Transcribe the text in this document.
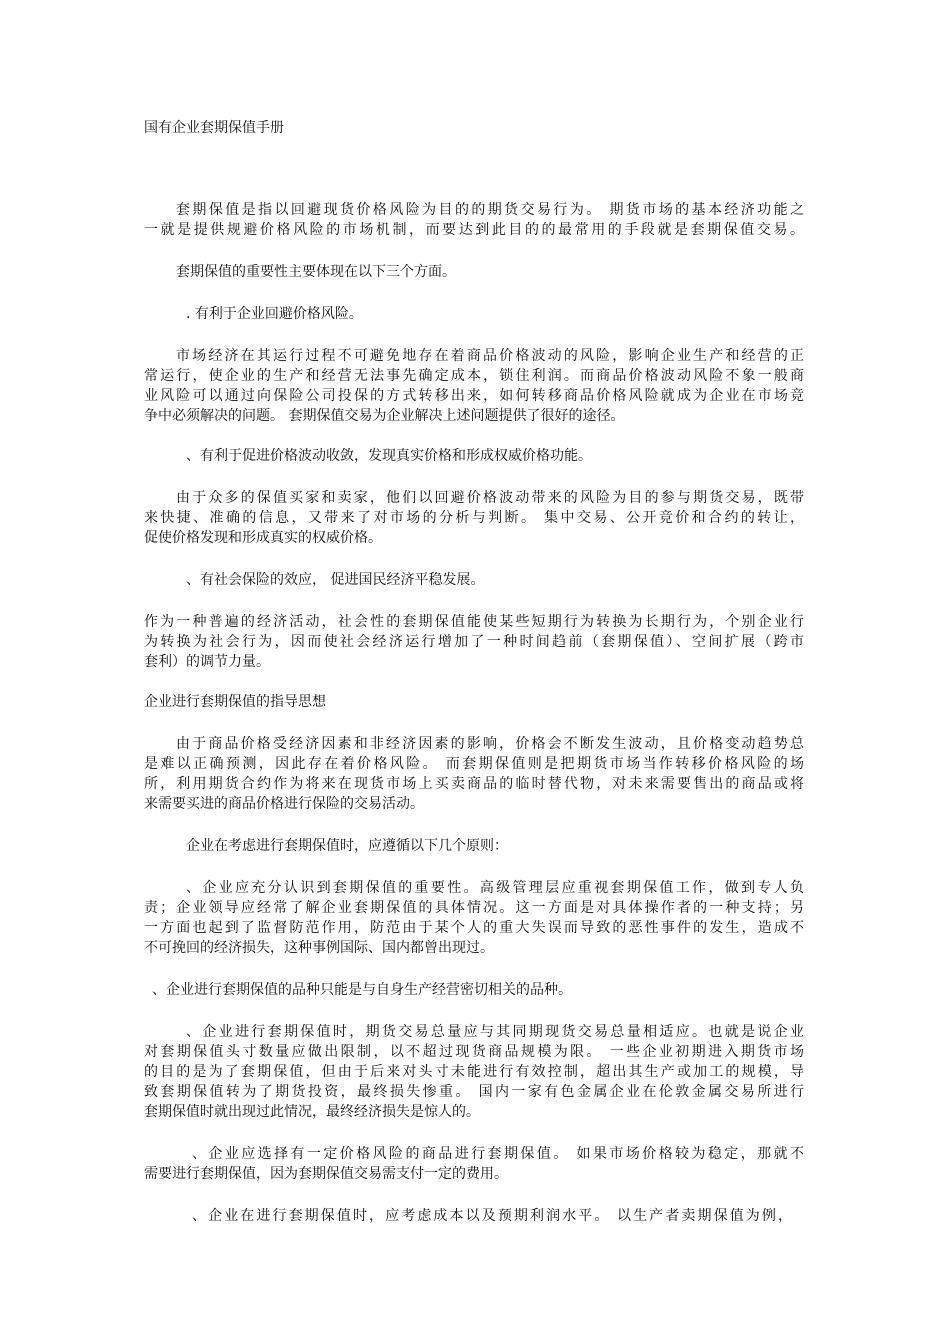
国有企业套期保值手册
套期保值是指以回避现货价格风险为目的的期货交易行为。 期货市场的基本经济功能之
一就是提供规避价格风险的市场机制，而要达到此目的的最常用的手段就是套期保值交易。
套期保值的重要性主要体现在以下三个方面。
. 有利于企业回避价格风险。
市场经济在其运行过程不可避免地存在着商品价格波动的风险，影响企业生产和经营的正
常运行，使企业的生产和经营无法事先确定成本，锁住利润。而商品价格波动风险不象一般商
业风险可以通过向保险公司投保的方式转移出来，如何转移商品价格风险就成为企业在市场竞
争中必须解决的问题。 套期保值交易为企业解决上述问题提供了很好的途径。
、有利于促进价格波动收敛，发现真实价格和形成权威价格功能。
由于众多的保值买家和卖家，他们以回避价格波动带来的风险为目的参与期货交易，既带
来快捷、准确的信息，又带来了对市场的分析与判断。 集中交易、公开竞价和合约的转让，
促使价格发现和形成真实的权威价格。
、有社会保险的效应， 促进国民经济平稳发展。
作为一种普遍的经济活动，社会性的套期保值能使某些短期行为转换为长期行为，个别企业行
为转换为社会行为，因而使社会经济运行增加了一种时间趋前（套期保值）、空间扩展（跨市
套利）的调节力量。
企业进行套期保值的指导思想
由于商品价格受经济因素和非经济因素的影响，价格会不断发生波动，且价格变动趋势总
是难以正确预测，因此存在着价格风险。 而套期保值则是把期货市场当作转移价格风险的场
所，利用期货合约作为将来在现货市场上买卖商品的临时替代物，对未来需要售出的商品或将
来需要买进的商品价格进行保险的交易活动。
企业在考虑进行套期保值时，应遵循以下几个原则：
、企业应充分认识到套期保值的重要性。高级管理层应重视套期保值工作，做到专人负
责；企业领导应经常了解企业套期保值的具体情况。这一方面是对具体操作者的一种支持；另
一方面也起到了监督防范作用，防范由于某个人的重大失误而导致的恶性事件的发生，造成不
不可挽回的经济损失，这种事例国际、国内都曾出现过。
、企业进行套期保值的品种只能是与自身生产经营密切相关的品种。
、企业进行套期保值时，期货交易总量应与其同期现货交易总量相适应。也就是说企业
对套期保值头寸数量应做出限制，以不超过现货商品规模为限。 一些企业初期进入期货市场
的目的是为了套期保值，但由于后来对头寸未能进行有效控制，超出其生产或加工的规模，导
致套期保值转为了期货投资，最终损失惨重。 国内一家有色金属企业在伦敦金属交易所进行
套期保值时就出现过此情况，最终经济损失是惊人的。
、企业应选择有一定价格风险的商品进行套期保值。 如果市场价格较为稳定，那就不
需要进行套期保值，因为套期保值交易需支付一定的费用。
、企业在进行套期保值时，应考虑成本以及预期利润水平。 以生产者卖期保值为例，
